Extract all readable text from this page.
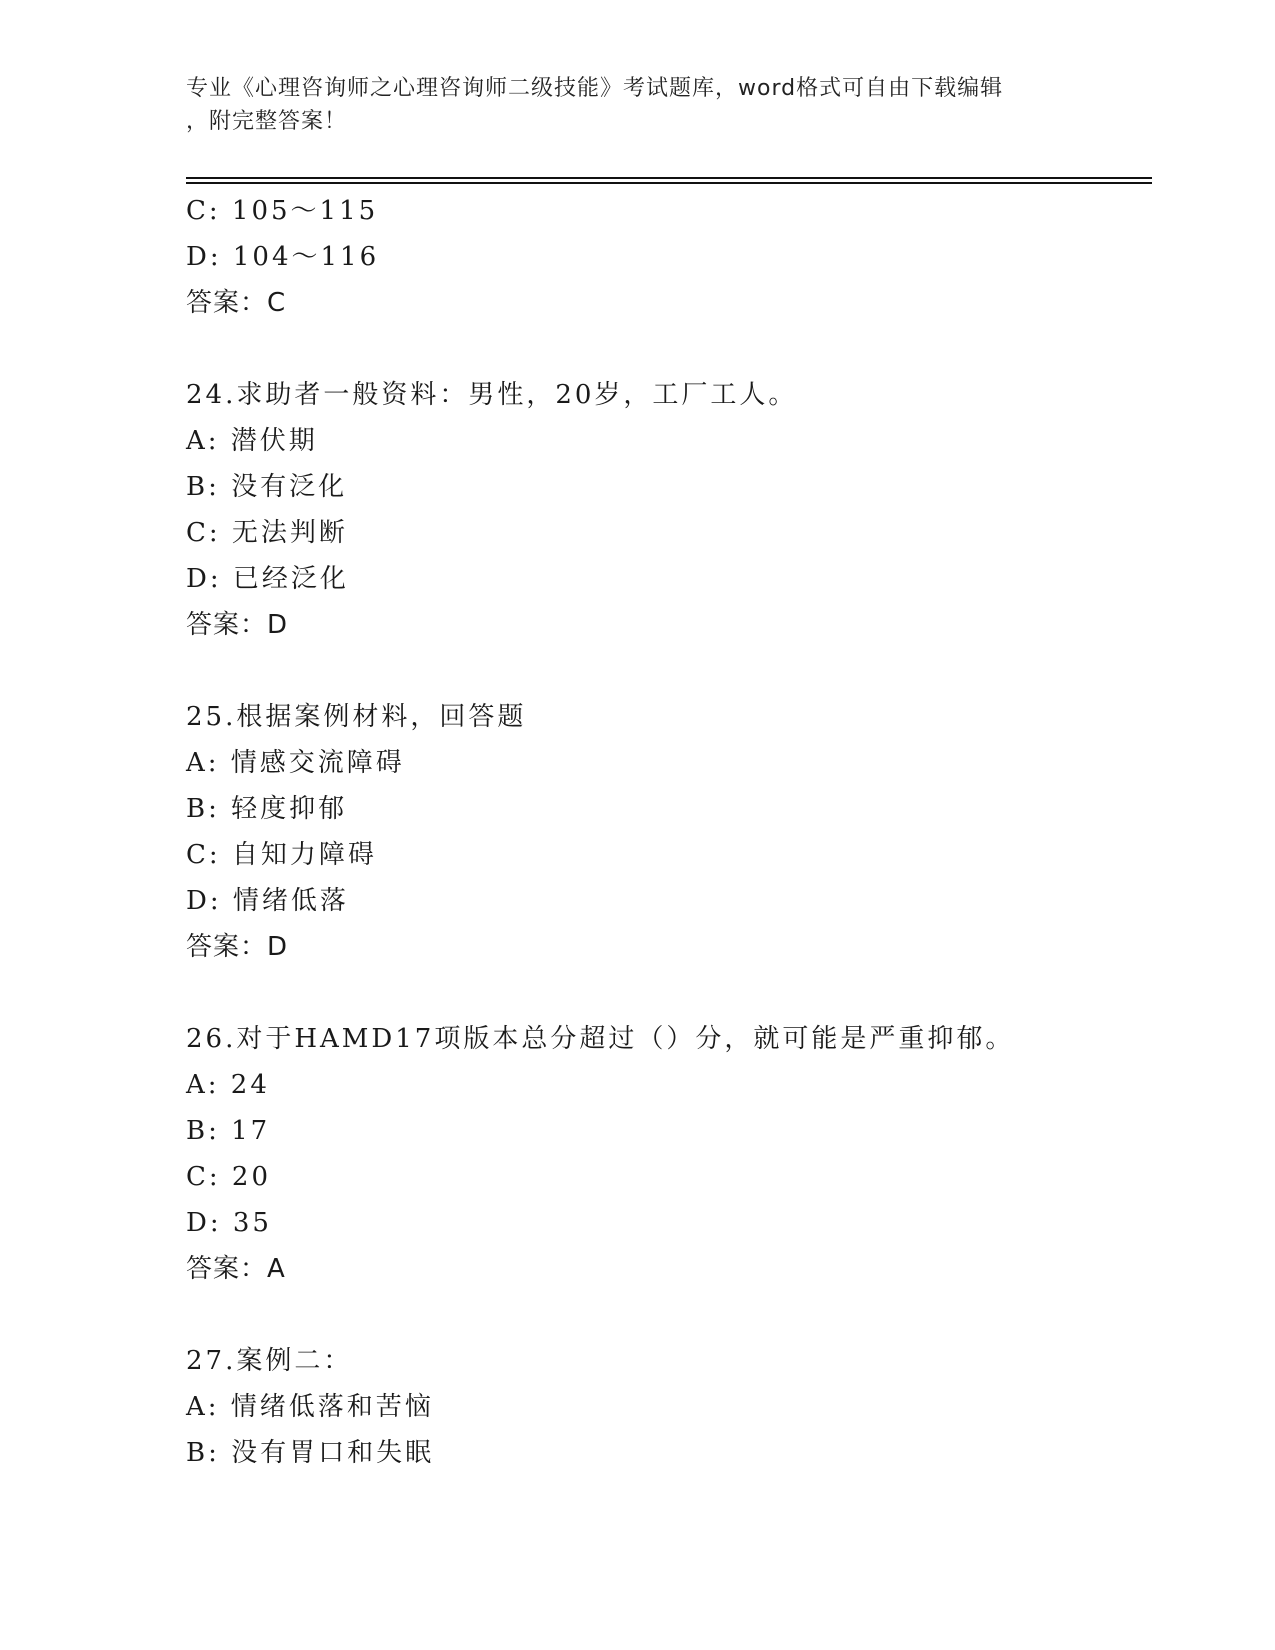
专业《心理咨询师之心理咨询师二级技能》考试题库，word格式可自由下载编辑
，附完整答案！
C: 105～115
D: 104～116
答案：C
24.求助者一般资料：男性，20岁，工厂工人。
A: 潜伏期
B: 没有泛化
C: 无法判断
D: 已经泛化
答案：D
25.根据案例材料，回答题
A: 情感交流障碍
B: 轻度抑郁
C: 自知力障碍
D: 情绪低落
答案：D
26.对于HAMD17项版本总分超过（）分，就可能是严重抑郁。
A: 24
B: 17
C: 20
D: 35
答案：A
27.案例二：
A: 情绪低落和苦恼
B: 没有胃口和失眠
